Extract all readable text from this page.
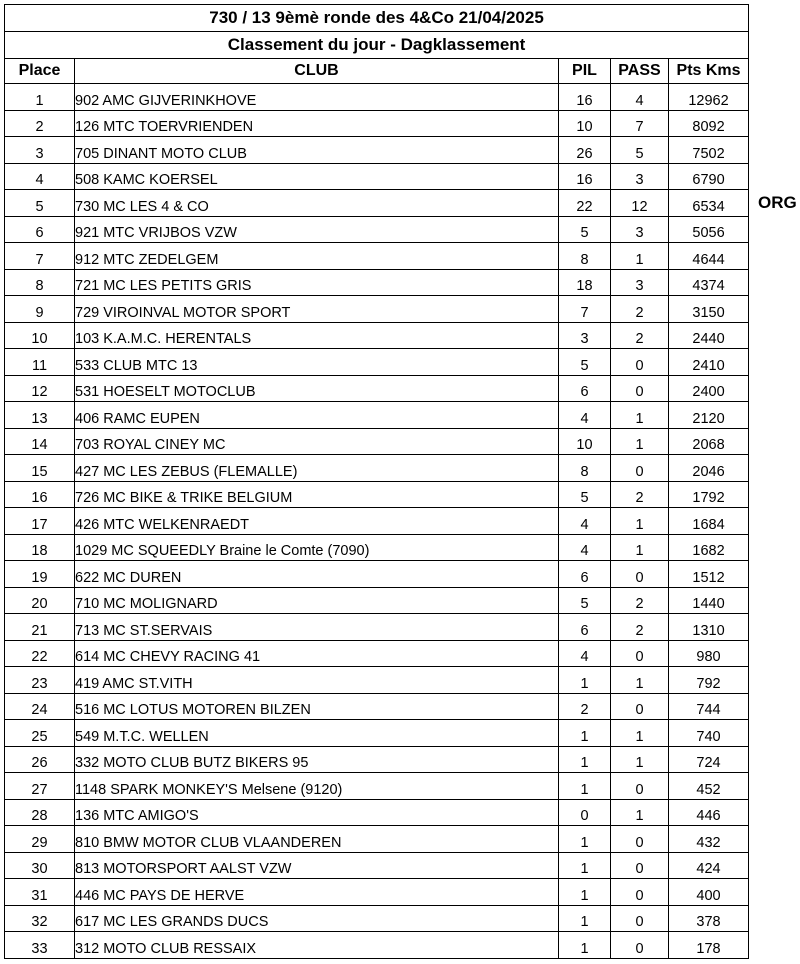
730 / 13 9èmè ronde des 4&Co 21/04/2025				
Classement du jour - Dagklassement				
Place	CLUB	PIL	PASS	Pts Kms
1	902 AMC GIJVERINKHOVE	16	4	12962
2	126 MTC TOERVRIENDEN	10	7	8092
3	705 DINANT MOTO CLUB	26	5	7502
4	508 KAMC KOERSEL	16	3	6790
5	730 MC LES 4 & CO	22	12	6534
6	921 MTC VRIJBOS VZW	5	3	5056
7	912 MTC ZEDELGEM	8	1	4644
8	721 MC LES PETITS GRIS	18	3	4374
9	729 VIROINVAL MOTOR SPORT	7	2	3150
10	103 K.A.M.C. HERENTALS	3	2	2440
11	533 CLUB MTC 13	5	0	2410
12	531 HOESELT MOTOCLUB	6	0	2400
13	406 RAMC EUPEN	4	1	2120
14	703 ROYAL CINEY MC	10	1	2068
15	427 MC LES ZEBUS (FLEMALLE)	8	0	2046
16	726 MC BIKE & TRIKE BELGIUM	5	2	1792
17	426 MTC WELKENRAEDT	4	1	1684
18	1029 MC SQUEEDLY Braine le Comte (7090)	4	1	1682
19	622 MC DUREN	6	0	1512
20	710 MC MOLIGNARD	5	2	1440
21	713 MC ST.SERVAIS	6	2	1310
22	614 MC CHEVY RACING 41	4	0	980
23	419 AMC ST.VITH	1	1	792
24	516 MC LOTUS MOTOREN BILZEN	2	0	744
25	549 M.T.C. WELLEN	1	1	740
26	332 MOTO CLUB BUTZ BIKERS 95	1	1	724
27	1148 SPARK MONKEY'S Melsene (9120)	1	0	452
28	136 MTC AMIGO'S	0	1	446
29	810 BMW MOTOR CLUB VLAANDEREN	1	0	432
30	813 MOTORSPORT AALST VZW	1	0	424
31	446 MC PAYS DE HERVE	1	0	400
32	617 MC LES GRANDS DUCS	1	0	378
33	312 MOTO CLUB RESSAIX	1	0	178
ORG
